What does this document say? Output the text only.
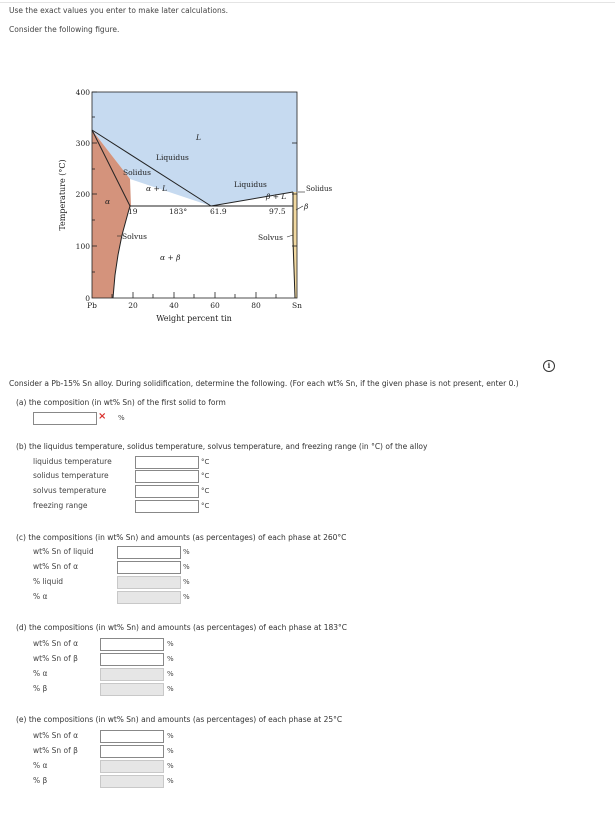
Use the exact values you enter to make later calculations.
Consider the following figure.
400
300
200
100
0
Pb	20	40	60	80	Sn
Weight percent tin
Temperature (°C)
L
Liquidus
Solidus
α + L
α
19	183°	61.9
Liquidus
β + L
97.5
Solidus
β
Solvus	Solvus
α + β
i
Consider a Pb-15% Sn alloy. During solidification, determine the following. (For each wt% Sn, if the given phase is not present, enter 0.)
(a) the composition (in wt% Sn) of the first solid to form
× %
(b) the liquidus temperature, solidus temperature, solvus temperature, and freezing range (in °C) of the alloy
liquidus temperature	°C
solidus temperature	°C
solvus temperature	°C
freezing range	°C
(c) the compositions (in wt% Sn) and amounts (as percentages) of each phase at 260°C
wt% Sn of liquid	%
wt% Sn of α	%
% liquid	%
% α	%
(d) the compositions (in wt% Sn) and amounts (as percentages) of each phase at 183°C
wt% Sn of α	%
wt% Sn of β	%
% α	%
% β	%
(e) the compositions (in wt% Sn) and amounts (as percentages) of each phase at 25°C
wt% Sn of α	%
wt% Sn of β	%
% α	%
% β	%
